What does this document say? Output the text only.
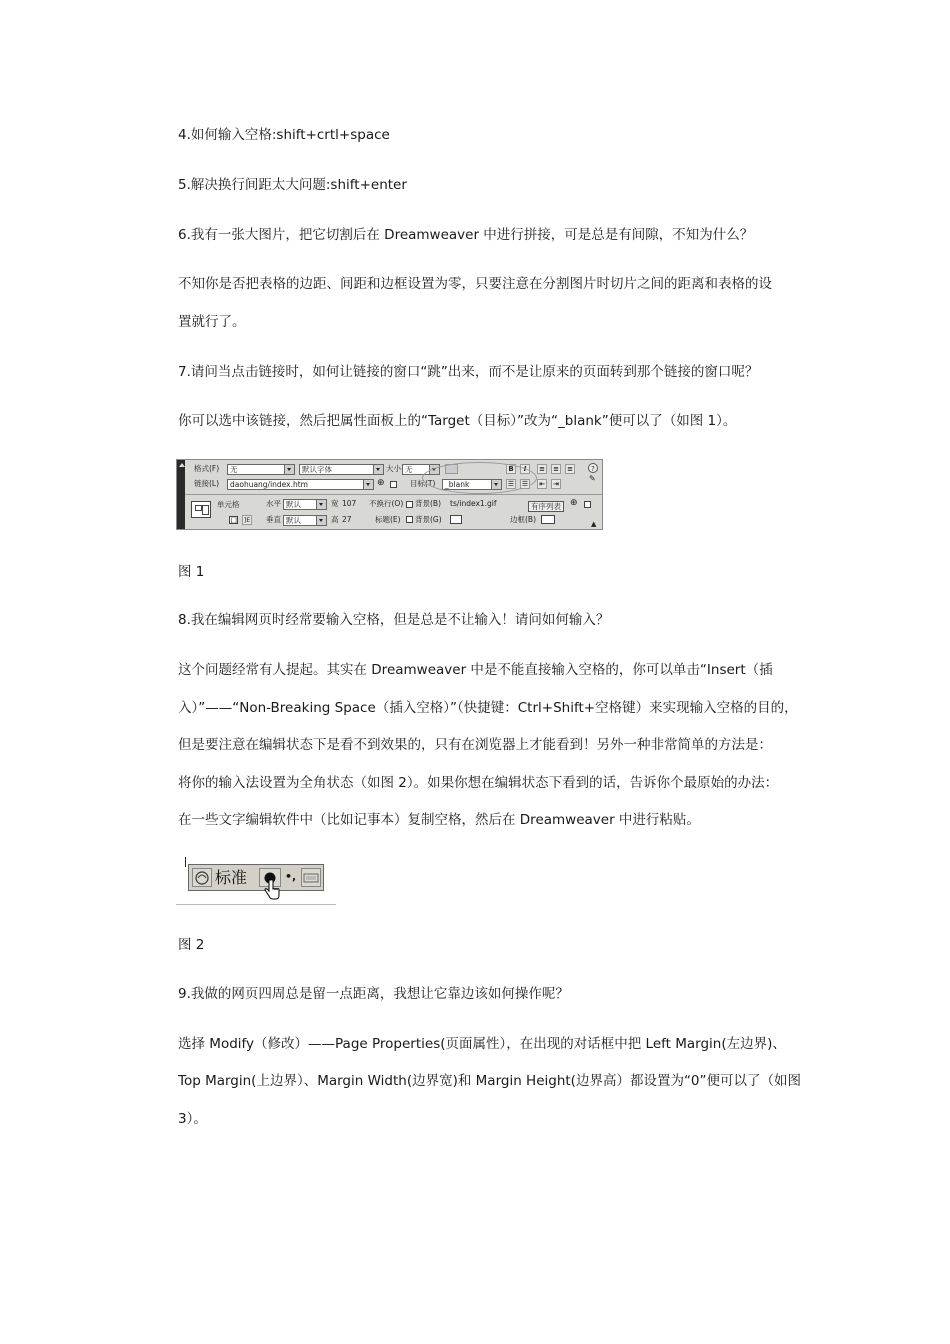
4.如何输入空格:shift+crtl+space
5.解决换行间距太大问题:shift+enter
6.我有一张大图片，把它切割后在 Dreamweaver 中进行拼接，可是总是有间隙，不知为什么？
不知你是否把表格的边距、间距和边框设置为零，只要注意在分割图片时切片之间的距离和表格的设
置就行了。
7.请问当点击链接时，如何让链接的窗口“跳”出来，而不是让原来的页面转到那个链接的窗口呢？
你可以选中该链接，然后把属性面板上的“Target（目标）”改为“_blank”便可以了（如图 1）。
格式(F)	无	默认字体	大小 无	B	I	≡ ≡ ≡	?
✎
链接(L)	daohuang/index.htm	⊕	目标(T)	_blank	☰ ☰ ⇤ ⇥
单元格	水平 默认	宽 107 不换行(O) 背景(B) ts/index1.gif	有序列表	⊕
口 ]E 垂直 默认	高 27	标题(E) 背景(G)	边框(B)	▲
图 1
8.我在编辑网页时经常要输入空格，但是总是不让输入！请问如何输入？
这个问题经常有人提起。其实在 Dreamweaver 中是不能直接输入空格的，你可以单击“Insert（插
入）”——“Non-Breaking Space（插入空格）”（快捷键：Ctrl+Shift+空格键）来实现输入空格的目的，
但是要注意在编辑状态下是看不到效果的，只有在浏览器上才能看到！另外一种非常简单的方法是：
将你的输入法设置为全角状态（如图 2）。如果你想在编辑状态下看到的话，告诉你个最原始的办法：
在一些文字编辑软件中（比如记事本）复制空格，然后在 Dreamweaver 中进行粘贴。
标准	•,
图 2
9.我做的网页四周总是留一点距离，我想让它靠边该如何操作呢？
选择 Modify（修改）——Page Properties(页面属性），在出现的对话框中把 Left Margin(左边界)、
Top Margin(上边界）、Margin Width(边界宽)和 Margin Height(边界高）都设置为“0”便可以了（如图
3）。
